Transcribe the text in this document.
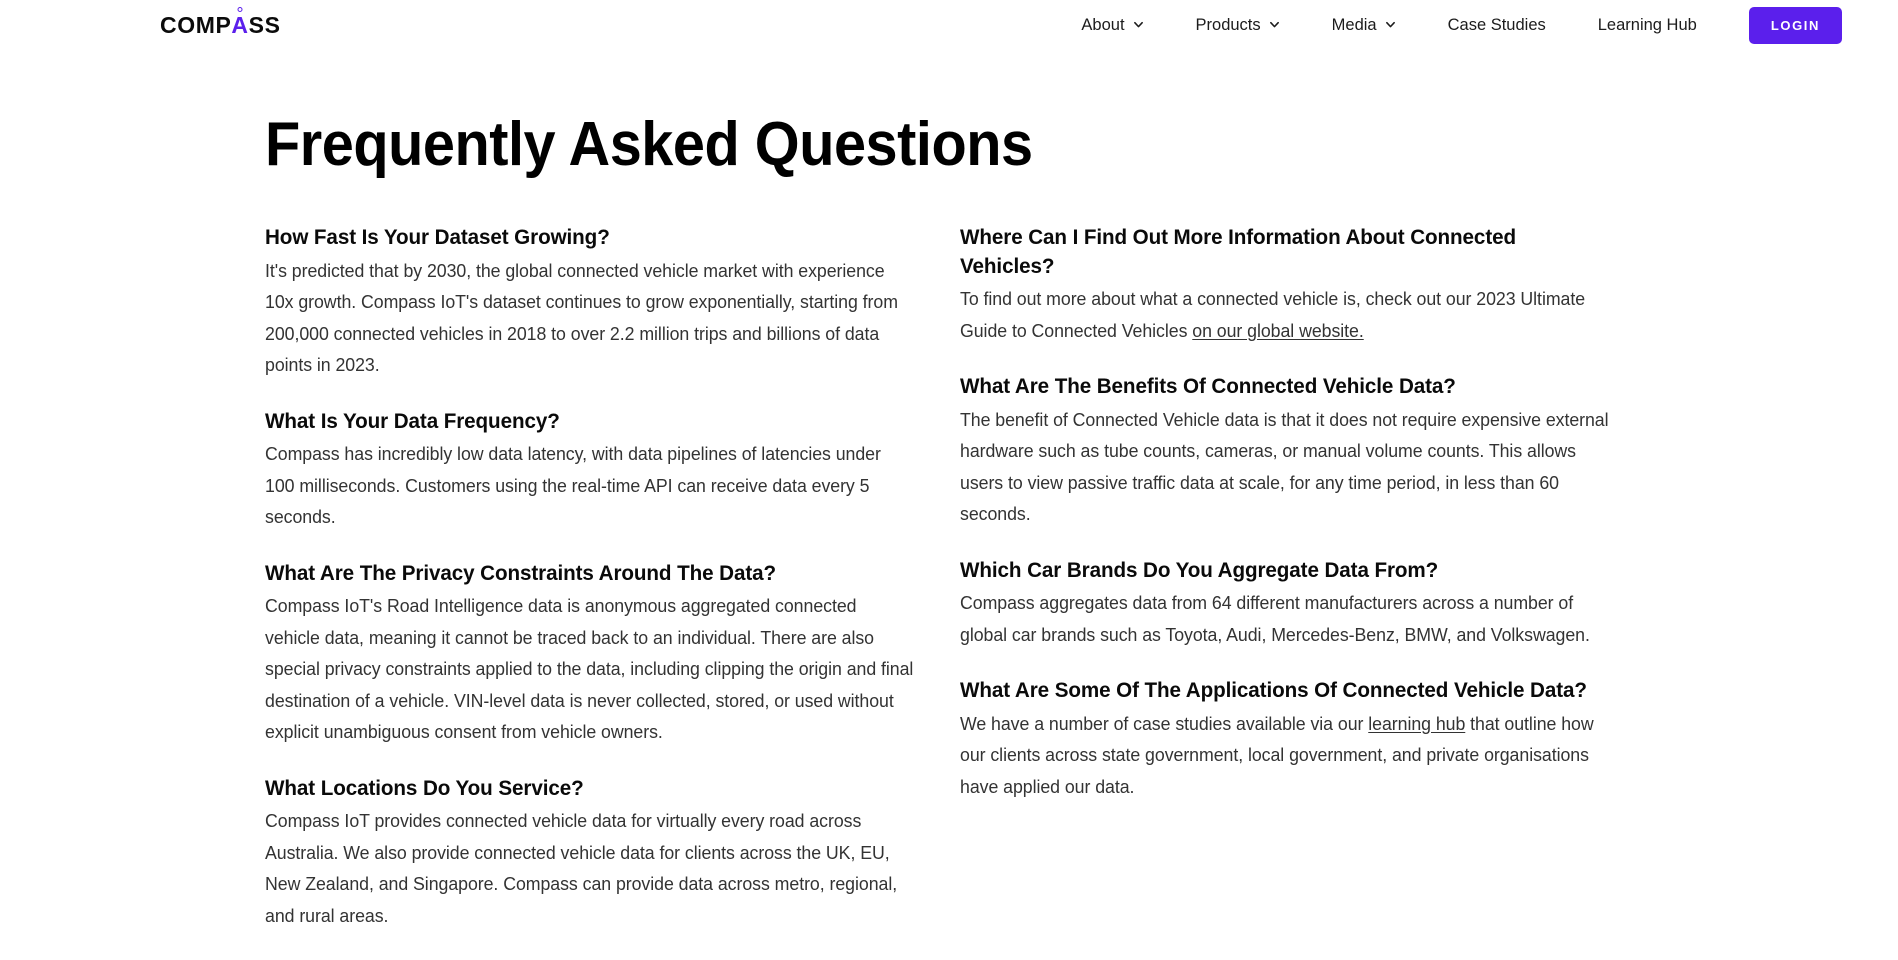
COMP A SS	About	Products	Media	Case Studies	Learning Hub	LOGIN
Frequently Asked Questions
How Fast Is Your Dataset Growing?
It's predicted that by 2030, the global connected vehicle market with experience 10x growth. Compass IoT's dataset continues to grow exponentially, starting from 200,000 connected vehicles in 2018 to over 2.2 million trips and billions of data points in 2023.
What Is Your Data Frequency?
Compass has incredibly low data latency, with data pipelines of latencies under 100 milliseconds. Customers using the real-time API can receive data every 5 seconds.
What Are The Privacy Constraints Around The Data?
Compass IoT's Road Intelligence data is anonymous aggregated connected vehicle data, meaning it cannot be traced back to an individual. There are also special privacy constraints applied to the data, including clipping the origin and final destination of a vehicle. VIN-level data is never collected, stored, or used without explicit unambiguous consent from vehicle owners.
What Locations Do You Service?
Compass IoT provides connected vehicle data for virtually every road across Australia. We also provide connected vehicle data for clients across the UK, EU, New Zealand, and Singapore. Compass can provide data across metro, regional, and rural areas.
Where Can I Find Out More Information About Connected Vehicles?
To find out more about what a connected vehicle is, check out our 2023 Ultimate Guide to Connected Vehicles on our global website.
What Are The Benefits Of Connected Vehicle Data?
The benefit of Connected Vehicle data is that it does not require expensive external hardware such as tube counts, cameras, or manual volume counts. This allows users to view passive traffic data at scale, for any time period, in less than 60 seconds.
Which Car Brands Do You Aggregate Data From?
Compass aggregates data from 64 different manufacturers across a number of global car brands such as Toyota, Audi, Mercedes-Benz, BMW, and Volkswagen.
What Are Some Of The Applications Of Connected Vehicle Data?
We have a number of case studies available via our learning hub that outline how our clients across state government, local government, and private organisations have applied our data.
